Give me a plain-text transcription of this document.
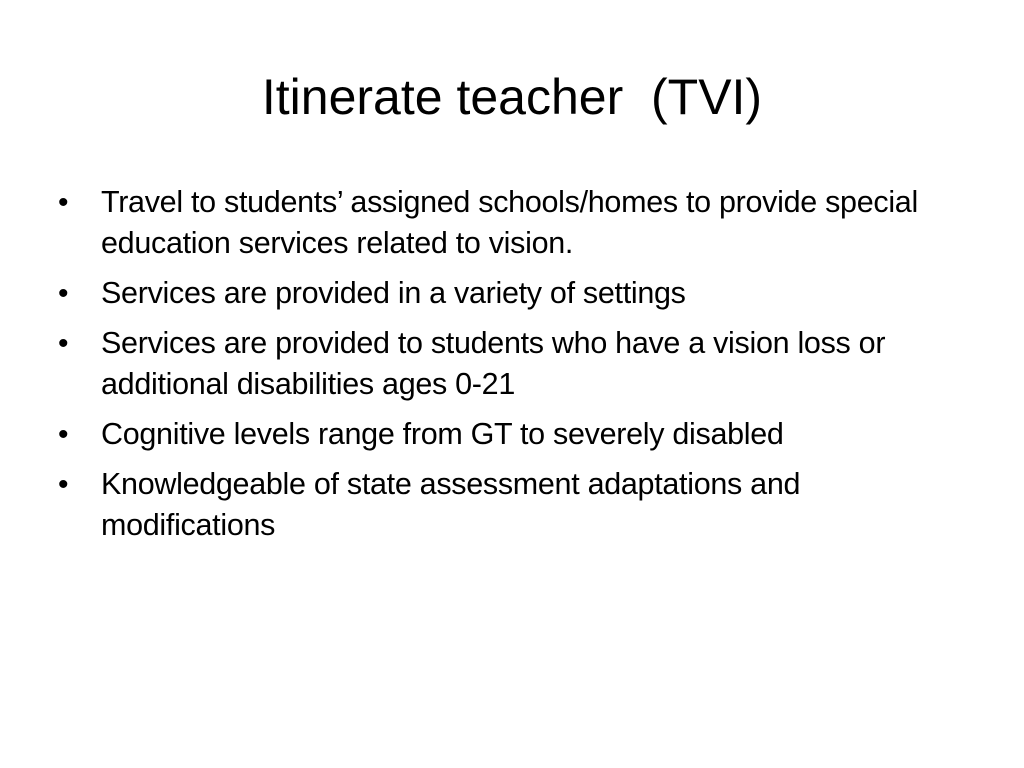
Itinerate teacher  (TVI)
•	Travel to students’ assigned schools/homes to provide special education services related to vision.
•	Services are provided in a variety of settings
•	Services are provided to students who have a vision loss or additional disabilities ages 0-21
•	Cognitive levels range from GT to severely disabled
•	Knowledgeable of state assessment adaptations and modifications
